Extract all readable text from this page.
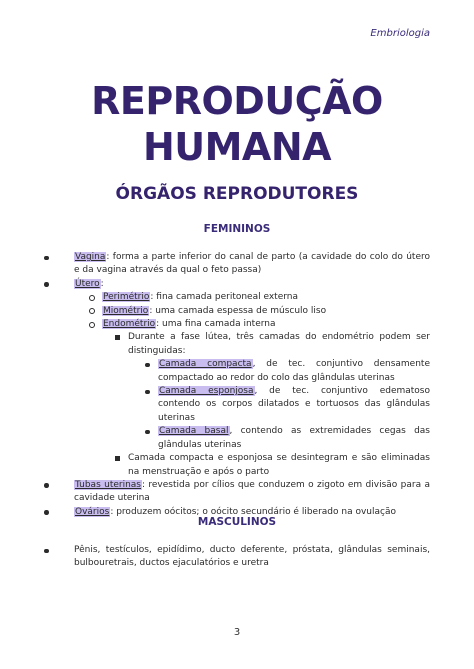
Embriologia
REPRODUÇÃO
HUMANA
ÓRGÃOS REPRODUTORES
FEMININOS
Vagina: forma a parte inferior do canal de parto (a cavidade do colo do útero e da vagina através da qual o feto passa)
Útero:
Perimétrio: fina camada peritoneal externa
Miométrio: uma camada espessa de músculo liso
Endométrio: uma fina camada interna
Durante a fase lútea, três camadas do endométrio podem ser distinguidas:
Camada compacta, de tec. conjuntivo densamente compactado ao redor do colo das glândulas uterinas
Camada esponjosa, de tec. conjuntivo edematoso contendo os corpos dilatados e tortuosos das glândulas uterinas
Camada basal, contendo as extremidades cegas das glândulas uterinas
Camada compacta e esponjosa se desintegram e são eliminadas na menstruação e após o parto
Tubas uterinas: revestida por cílios que conduzem o zigoto em divisão para a cavidade uterina
Ovários: produzem oócitos; o oócito secundário é liberado na ovulação
MASCULINOS
Pênis, testículos, epidídimo, ducto deferente, próstata, glândulas seminais, bulbouretrais, ductos ejaculatórios e uretra
3
